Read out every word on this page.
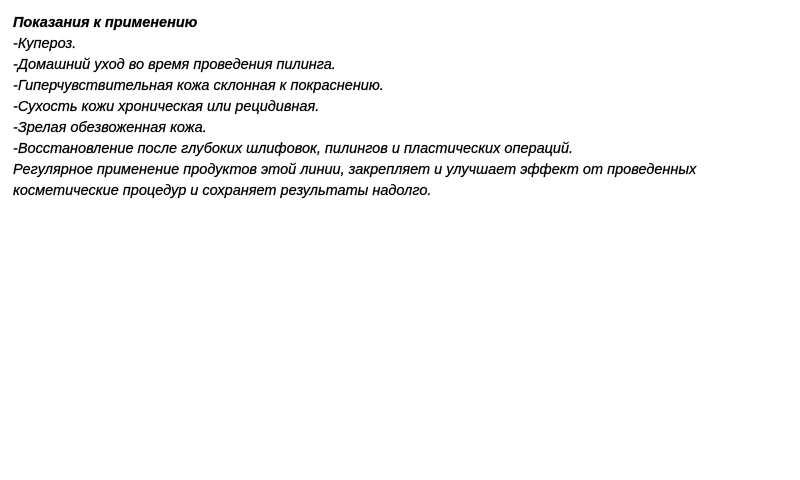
Показания к применению

-Купероз.

-Домашний уход во время проведения пилинга.

-Гиперчувствительная кожа склонная к покраснению.

-Сухость кожи хроническая или рецидивная.

-Зрелая обезвоженная кожа.

-Восстановление после глубоких шлифовок, пилингов и пластических операций.

Регулярное применение продуктов этой линии, закрепляет и улучшает эффект от проведенных

косметические процедур и сохраняет результаты надолго.
